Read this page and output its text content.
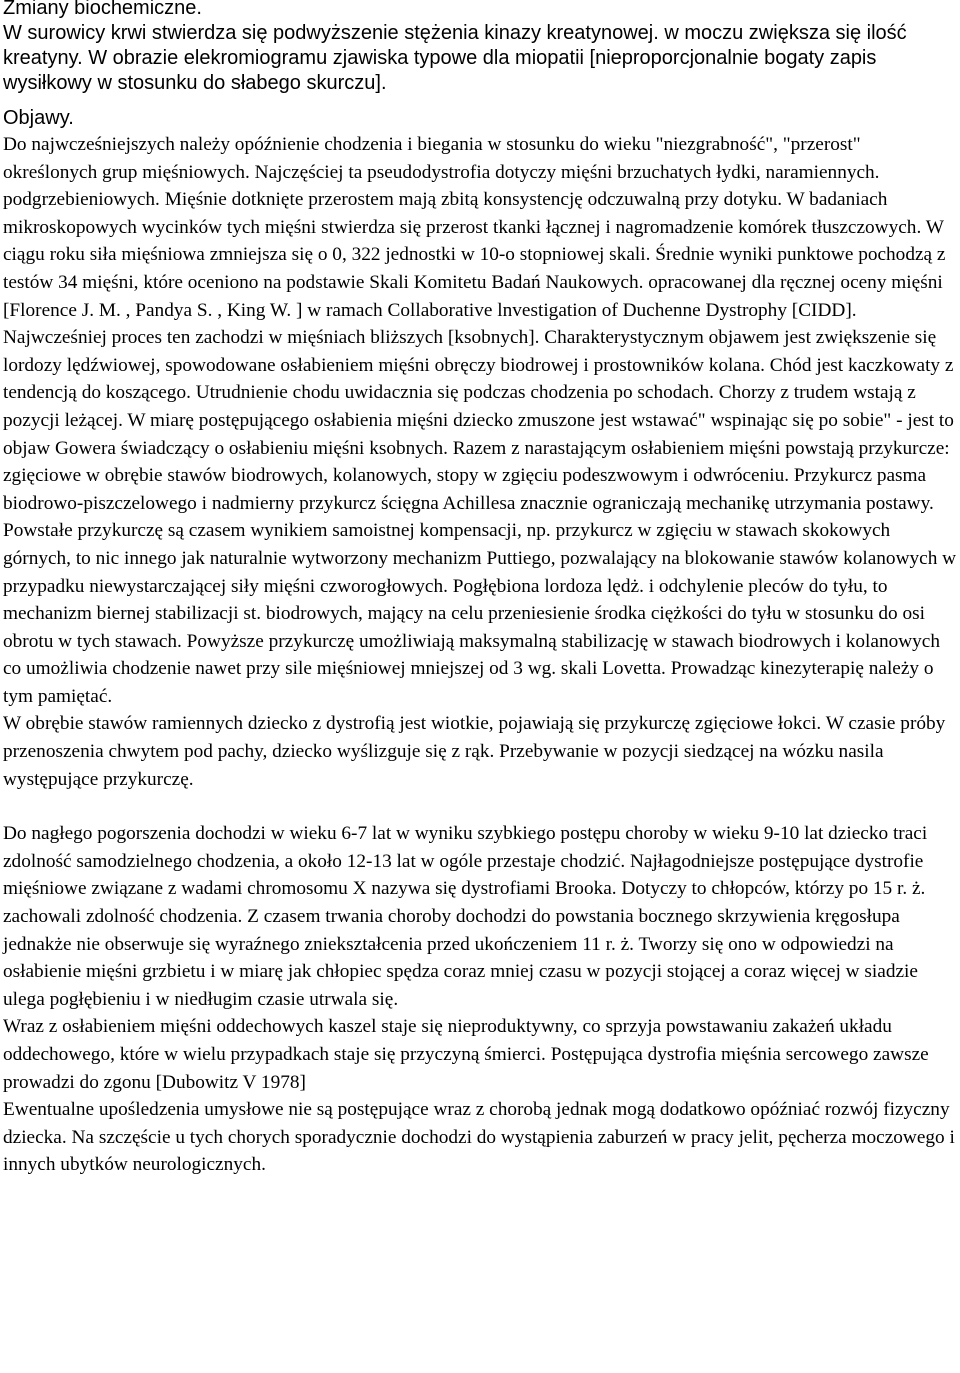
Zmiany biochemiczne.

W surowicy krwi stwierdza się podwyższenie stężenia kinazy kreatynowej. w moczu zwiększa się ilość kreatyny. W obrazie elekromiogramu zjawiska typowe dla miopatii [nieproporcjonalnie bogaty zapis wysiłkowy w stosunku do słabego skurczu].

Objawy.

Do najwcześniejszych należy opóźnienie chodzenia i biegania w stosunku do wieku "niezgrabność", "przerost" określonych grup mięśniowych. Najczęściej ta pseudodystrofia dotyczy mięśni brzuchatych łydki, naramiennych. podgrzebieniowych. Mięśnie dotknięte przerostem mają zbitą konsystencję odczuwalną przy dotyku. W badaniach mikroskopowych wycinków tych mięśni stwierdza się przerost tkanki łącznej i nagromadzenie komórek tłuszczowych. W ciągu roku siła mięśniowa zmniejsza się o 0, 322 jednostki w 10-o stopniowej skali. Średnie wyniki punktowe pochodzą z testów 34 mięśni, które oceniono na podstawie Skali Komitetu Badań Naukowych. opracowanej dla ręcznej oceny mięśni [Florence J. M. , Pandya S. , King W. ] w ramach Collaborative lnvestigation of Duchenne Dystrophy [CIDD].

Najwcześniej proces ten zachodzi w mięśniach bliższych [ksobnych]. Charakterystycznym objawem jest zwiększenie się lordozy lędźwiowej, spowodowane osłabieniem mięśni obręczy biodrowej i prostowników kolana. Chód jest kaczkowaty z tendencją do koszącego. Utrudnienie chodu uwidacznia się podczas chodzenia po schodach. Chorzy z trudem wstają z pozycji leżącej. W miarę postępującego osłabienia mięśni dziecko zmuszone jest wstawać" wspinając się po sobie" - jest to objaw Gowera świadczący o osłabieniu mięśni ksobnych. Razem z narastającym osłabieniem mięśni powstają przykurcze: zgięciowe w obrębie stawów biodrowych, kolanowych, stopy w zgięciu podeszwowym i odwróceniu. Przykurcz pasma biodrowo-piszczelowego i nadmierny przykurcz ścięgna Achillesa znacznie ograniczają mechanikę utrzymania postawy. Powstałe przykurczę są czasem wynikiem samoistnej kompensacji, np. przykurcz w zgięciu w stawach skokowych górnych, to nic innego jak naturalnie wytworzony mechanizm Puttiego, pozwalający na blokowanie stawów kolanowych w przypadku niewystarczającej siły mięśni czworogłowych. Pogłębiona lordoza lędż. i odchylenie pleców do tyłu, to mechanizm biernej stabilizacji st. biodrowych, mający na celu przeniesienie środka ciężkości do tyłu w stosunku do osi obrotu w tych stawach. Powyższe przykurczę umożliwiają maksymalną stabilizację w stawach biodrowych i kolanowych co umożliwia chodzenie nawet przy sile mięśniowej mniejszej od 3 wg. skali Lovetta. Prowadząc kinezyterapię należy o tym pamiętać.

W obrębie stawów ramiennych dziecko z dystrofią jest wiotkie, pojawiają się przykurczę zgięciowe łokci. W czasie próby przenoszenia chwytem pod pachy, dziecko wyślizguje się z rąk. Przebywanie w pozycji siedzącej na wózku nasila występujące przykurczę.

Do nagłego pogorszenia dochodzi w wieku 6-7 lat w wyniku szybkiego postępu choroby w wieku 9-10 lat dziecko traci zdolność samodzielnego chodzenia, a około 12-13 lat w ogóle przestaje chodzić. Najłagodniejsze postępujące dystrofie mięśniowe związane z wadami chromosomu X nazywa się dystrofiami Brooka. Dotyczy to chłopców, którzy po 15 r. ż. zachowali zdolność chodzenia. Z czasem trwania choroby dochodzi do powstania bocznego skrzywienia kręgosłupa jednakże nie obserwuje się wyraźnego zniekształcenia przed ukończeniem 11 r. ż. Tworzy się ono w odpowiedzi na osłabienie mięśni grzbietu i w miarę jak chłopiec spędza coraz mniej czasu w pozycji stojącej a coraz więcej w siadzie ulega pogłębieniu i w niedługim czasie utrwala się.

Wraz z osłabieniem mięśni oddechowych kaszel staje się nieproduktywny, co sprzyja powstawaniu zakażeń układu oddechowego, które w wielu przypadkach staje się przyczyną śmierci. Postępująca dystrofia mięśnia sercowego zawsze prowadzi do zgonu [Dubowitz V 1978]

Ewentualne upośledzenia umysłowe nie są postępujące wraz z chorobą jednak mogą dodatkowo opóźniać rozwój fizyczny dziecka. Na szczęście u tych chorych sporadycznie dochodzi do wystąpienia zaburzeń w pracy jelit, pęcherza moczowego i innych ubytków neurologicznych.
